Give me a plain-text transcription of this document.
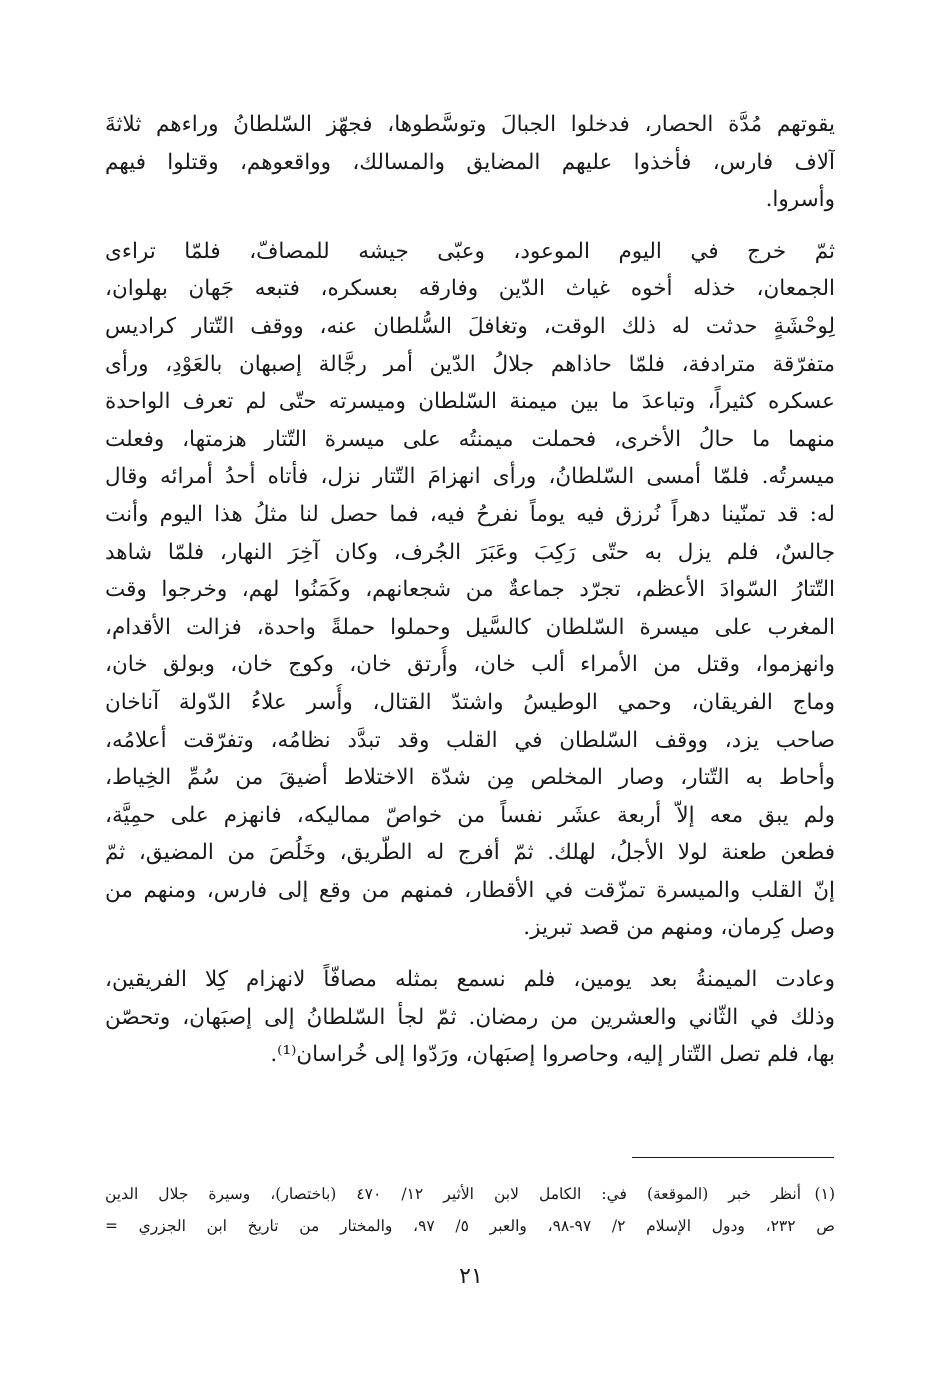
يقوتهم مُدَّة الحصار، فدخلوا الجبالَ وتوسَّطوها، فجهّز السّلطانُ وراءهم ثلاثةَ
آلاف فارس، فأخذوا عليهم المضايق والمسالك، وواقعوهم، وقتلوا فيهم
وأسروا.
ثمّ خرج في اليوم الموعود، وعبّى جيشه للمصافّ، فلمّا تراءى
الجمعان، خذله أخوه غياث الدّين وفارقه بعسكره، فتبعه جَهان بهلوان،
لِوحْشَةٍ حدثت له ذلك الوقت، وتغافلَ السُّلطان عنه، ووقف التّتار كراديس
متفرّقة مترادفة، فلمّا حاذاهم جلالُ الدّين أمر رجَّالة إصبهان بالعَوْدِ، ورأى
عسكره كثيراً، وتباعدَ ما بين ميمنة السّلطان وميسرته حتّى لم تعرف الواحدة
منهما ما حالُ الأخرى، فحملت ميمنتُه على ميسرة التّتار هزمتها، وفعلت
ميسرتُه. فلمّا أمسى السّلطانُ، ورأى انهزامَ التّتار نزل، فأتاه أحدُ أمرائه وقال
له: قد تمنّينا دهراً نُرزق فيه يوماً نفرحُ فيه، فما حصل لنا مثلُ هذا اليوم وأنت
جالسٌ، فلم يزل به حتّى رَكِبَ وعَبَرَ الجُرف، وكان آخِرَ النهار، فلمّا شاهد
التّتارُ السّوادَ الأعظم، تجرّد جماعةٌ من شجعانهم، وكَمَنُوا لهم، وخرجوا وقت
المغرب على ميسرة السّلطان كالسَّيل وحملوا حملةً واحدة، فزالت الأقدام،
وانهزموا، وقتل من الأمراء ألب خان، وأُرتق خان، وكوج خان، وبولق خان،
وماج الفريقان، وحمي الوطيسُ واشتدّ القتال، وأُسر علاءُ الدّولة آناخان
صاحب يزد، ووقف السّلطان في القلب وقد تبدَّد نظامُه، وتفرّقت أعلامُه،
وأحاط به التّتار، وصار المخلص مِن شدّة الاختلاط أضيقَ من سُمِّ الخِياط،
ولم يبق معه إلاّ أربعة عشَر نفساً من خواصّ مماليكه، فانهزم على حمِيَّة،
فطعن طعنة لولا الأجلُ، لهلك. ثمّ أفرج له الطّريق، وخَلُصَ من المضيق، ثمّ
إنّ القلب والميسرة تمزّقت في الأقطار، فمنهم من وقع إلى فارس، ومنهم من
وصل كِرمان، ومنهم من قصد تبريز.
وعادت الميمنةُ بعد يومين، فلم نسمع بمثله مصافّاً لانهزام كِلا الفريقين،
وذلك في الثّاني والعشرين من رمضان. ثمّ لجأ السّلطانُ إلى إصبَهان، وتحصّن
بها، فلم تصل التّتار إليه، وحاصروا إصبَهان، ورَدّوا إلى خُراسان⁽¹⁾.
(١)أنظر خبر (الموقعة) في: الكامل لابن الأثير ١٢/ ٤٧٠ (باختصار)، وسيرة جلال الدين
ص ٢٣٢، ودول الإسلام ٢/ ٩٧-٩٨، والعبر ٥/ ٩٧، والمختار من تاريخ ابن الجزري =
٢١
